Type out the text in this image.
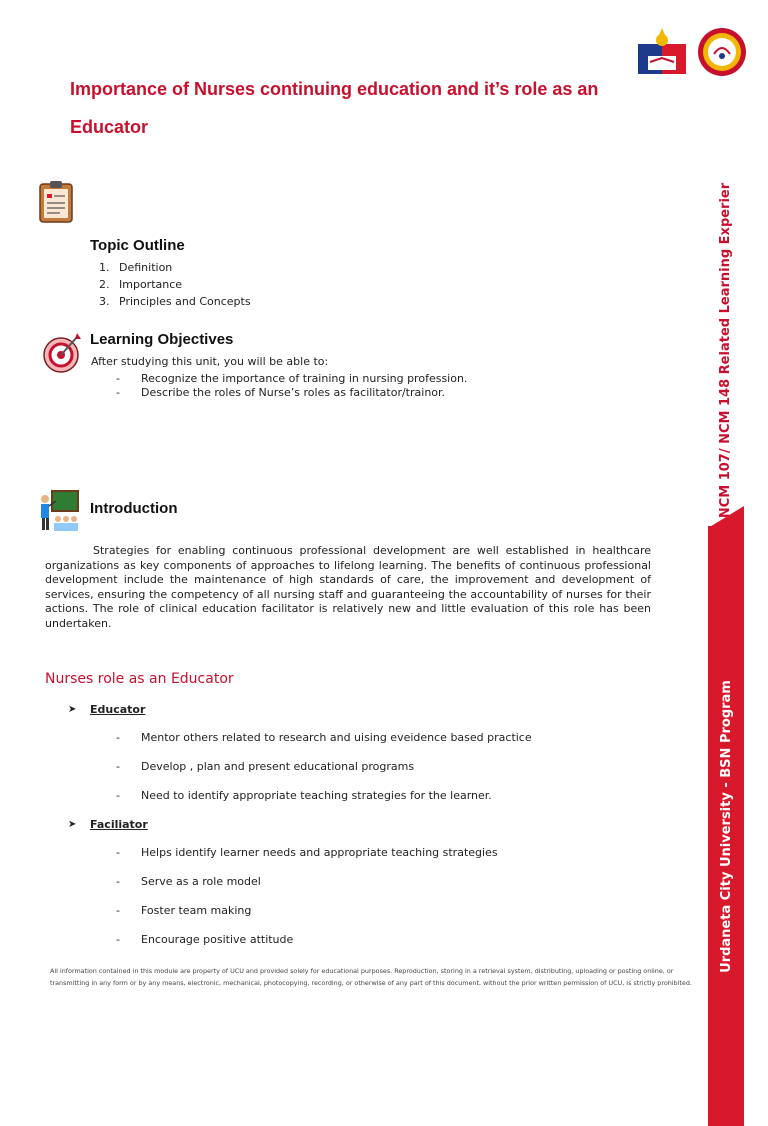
Importance of Nurses continuing education and it’s role as an
Educator
NCM 107/ NCM 148 Related Learning Experier
Urdaneta City University - BSN Program
Topic Outline
1. Definition
2. Importance
3. Principles and Concepts
Learning Objectives
After studying this unit, you will be able to:
- Recognize the importance of training in nursing profession.
- Describe the roles of Nurse’s roles as facilitator/trainor.
Introduction
Strategies for enabling continuous professional development are well established in healthcare organizations as key components of approaches to lifelong learning. The benefits of continuous professional development include the maintenance of high standards of care, the improvement and development of services, ensuring the competency of all nursing staff and guaranteeing the accountability of nurses for their actions. The role of clinical education facilitator is relatively new and little evaluation of this role has been undertaken.
Nurses role as an Educator
➤	Educator
- Mentor others related to research and uising eveidence based practice
- Develop , plan and present educational programs
- Need to identify appropriate teaching strategies for the learner.
➤	Faciliator
- Helps identify learner needs and appropriate teaching strategies
- Serve as a role model
- Foster team making
- Encourage positive attitude
All information contained in this module are property of UCU and provided solely for educational purposes. Reproduction, storing in a retrieval system, distributing, uploading or posting online, or transmitting in any form or by any means, electronic, mechanical, photocopying, recording, or otherwise of any part of this document, without the prior written permission of UCU, is strictly prohibited.	1
